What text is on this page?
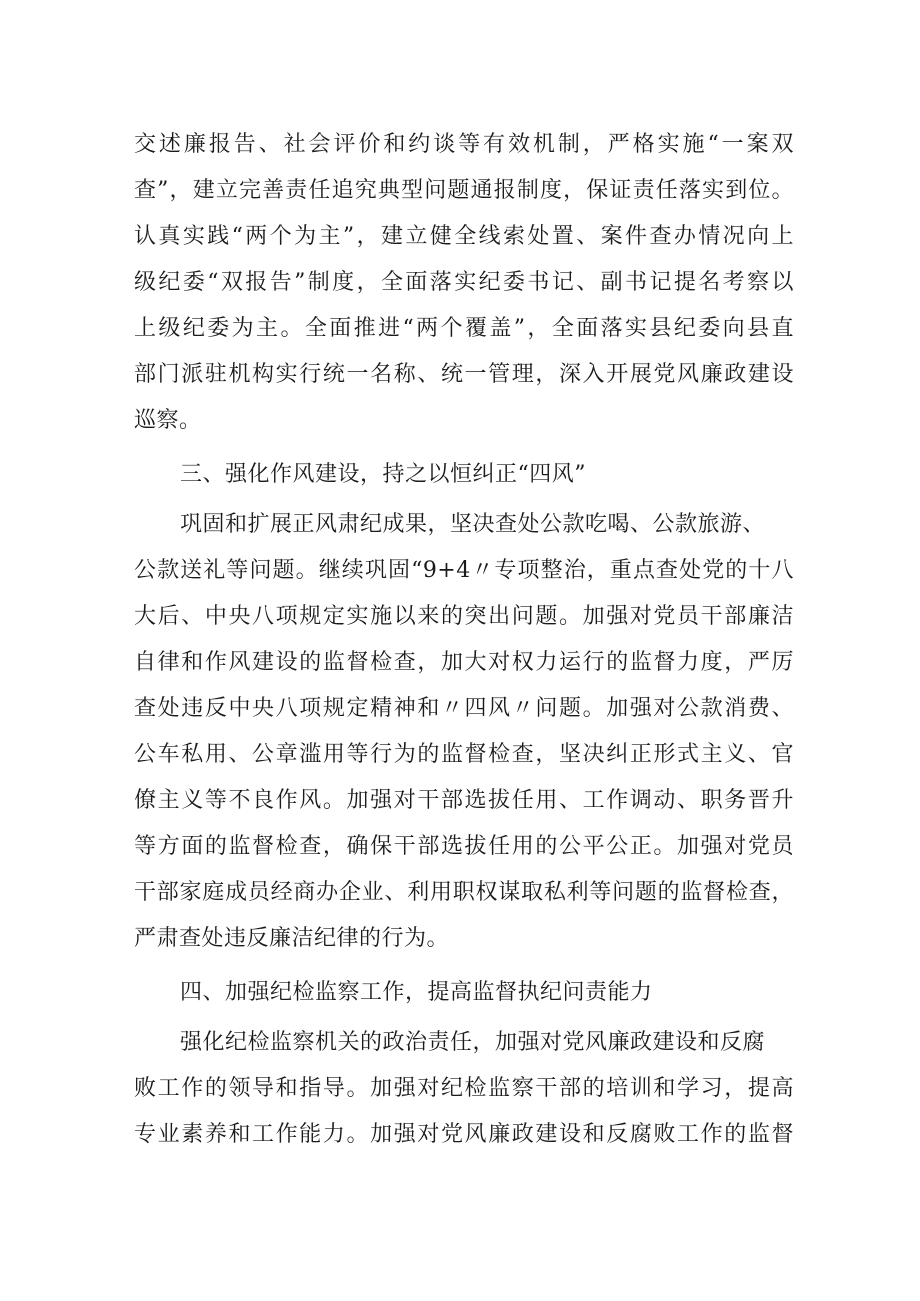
交述廉报告、社会评价和约谈等有效机制，严格实施“一案双
查”，建立完善责任追究典型问题通报制度，保证责任落实到位。
认真实践“两个为主”，建立健全线索处置、案件查办情况向上
级纪委“双报告”制度，全面落实纪委书记、副书记提名考察以
上级纪委为主。全面推进“两个覆盖”，全面落实县纪委向县直
部门派驻机构实行统一名称、统一管理，深入开展党风廉政建设
巡察。
三、强化作风建设，持之以恒纠正“四风”
巩固和扩展正风肃纪成果，坚决查处公款吃喝、公款旅游、
公款送礼等问题。继续巩固“9+4〃专项整治，重点查处党的十八
大后、中央八项规定实施以来的突出问题。加强对党员干部廉洁
自律和作风建设的监督检查，加大对权力运行的监督力度，严厉
查处违反中央八项规定精神和〃四风〃问题。加强对公款消费、
公车私用、公章滥用等行为的监督检查，坚决纠正形式主义、官
僚主义等不良作风。加强对干部选拔任用、工作调动、职务晋升
等方面的监督检查，确保干部选拔任用的公平公正。加强对党员
干部家庭成员经商办企业、利用职权谋取私利等问题的监督检查，
严肃查处违反廉洁纪律的行为。
四、加强纪检监察工作，提高监督执纪问责能力
强化纪检监察机关的政治责任，加强对党风廉政建设和反腐
败工作的领导和指导。加强对纪检监察干部的培训和学习，提高
专业素养和工作能力。加强对党风廉政建设和反腐败工作的监督
